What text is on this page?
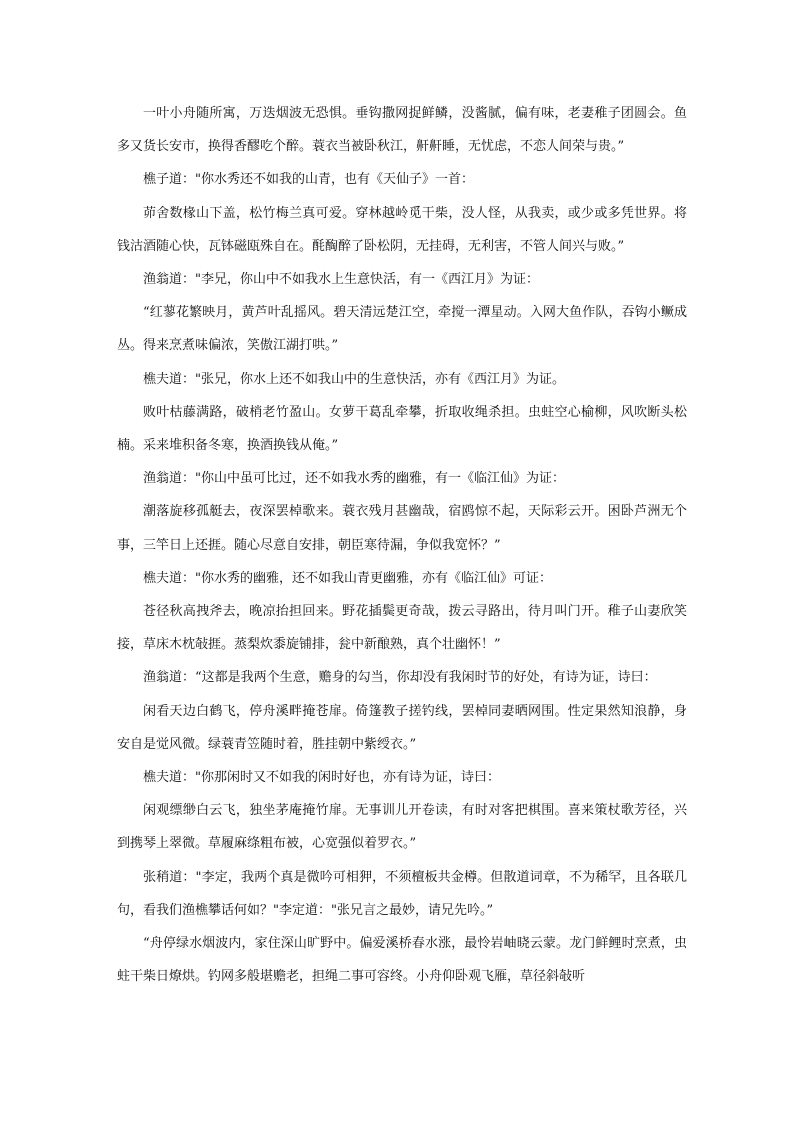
一叶小舟随所寓，万迭烟波无恐惧。垂钩撒网捉鲜鳞，没酱腻，偏有味，老妻稚子团圆会。鱼多又货长安市，换得香醪吃个醉。蓑衣当被卧秋江，鼾鼾睡，无忧虑，不恋人间荣与贵。”

樵子道："你水秀还不如我的山青，也有《天仙子》一首：

茆舍数椽山下盖，松竹梅兰真可爱。穿林越岭觅干柴，没人怪，从我卖，或少或多凭世界。将钱沽酒随心快，瓦钵磁瓯殊自在。酕醄醉了卧松阴，无挂碍，无利害，不管人间兴与败。”

渔翁道："李兄，你山中不如我水上生意快活，有一《西江月》为证：

“红蓼花繁映月，黄芦叶乱摇风。碧天清远楚江空，牵搅一潭星动。入网大鱼作队，吞钩小鳜成丛。得来烹煮味偏浓，笑傲江湖打哄。”

樵夫道："张兄，你水上还不如我山中的生意快活，亦有《西江月》为证。

败叶枯藤满路，破梢老竹盈山。女萝干葛乱牵攀，折取收绳杀担。虫蛀空心榆柳，风吹断头松楠。采来堆积备冬寒，换酒换钱从俺。”

渔翁道："你山中虽可比过，还不如我水秀的幽雅，有一《临江仙》为证：

潮落旋移孤艇去，夜深罢棹歌来。蓑衣残月甚幽哉，宿鸥惊不起，天际彩云开。困卧芦洲无个事，三竿日上还捱。随心尽意自安排，朝臣寒待漏，争似我宽怀？”

樵夫道："你水秀的幽雅，还不如我山青更幽雅，亦有《临江仙》可证：

苍径秋高拽斧去，晚凉抬担回来。野花插鬓更奇哉，拨云寻路出，待月叫门开。稚子山妻欣笑接，草床木枕敧捱。蒸梨炊黍旋铺排，瓮中新酿熟，真个壮幽怀！”

渔翁道：“这都是我两个生意，赡身的勾当，你却没有我闲时节的好处，有诗为证，诗曰：

闲看天边白鹤飞，停舟溪畔掩苍扉。倚篷教子搓钓线，罢棹同妻晒网围。性定果然知浪静，身安自是觉风微。绿蓑青笠随时着，胜挂朝中紫绶衣。”

樵夫道："你那闲时又不如我的闲时好也，亦有诗为证，诗曰：

闲观缥缈白云飞，独坐茅庵掩竹扉。无事训儿开卷读，有时对客把棋围。喜来策杖歌芳径，兴到携琴上翠微。草履麻绦粗布被，心宽强似着罗衣。”

张稍道："李定，我两个真是微吟可相狎，不须檀板共金樽。但散道词章，不为稀罕，且各联几句，看我们渔樵攀话何如？"李定道："张兄言之最妙，请兄先吟。”

“舟停绿水烟波内，家住深山旷野中。偏爱溪桥春水涨，最怜岩岫晓云蒙。龙门鲜鲤时烹煮，虫蛀干柴日燎烘。钓网多般堪赡老，担绳二事可容终。小舟仰卧观飞雁，草径斜敧听
